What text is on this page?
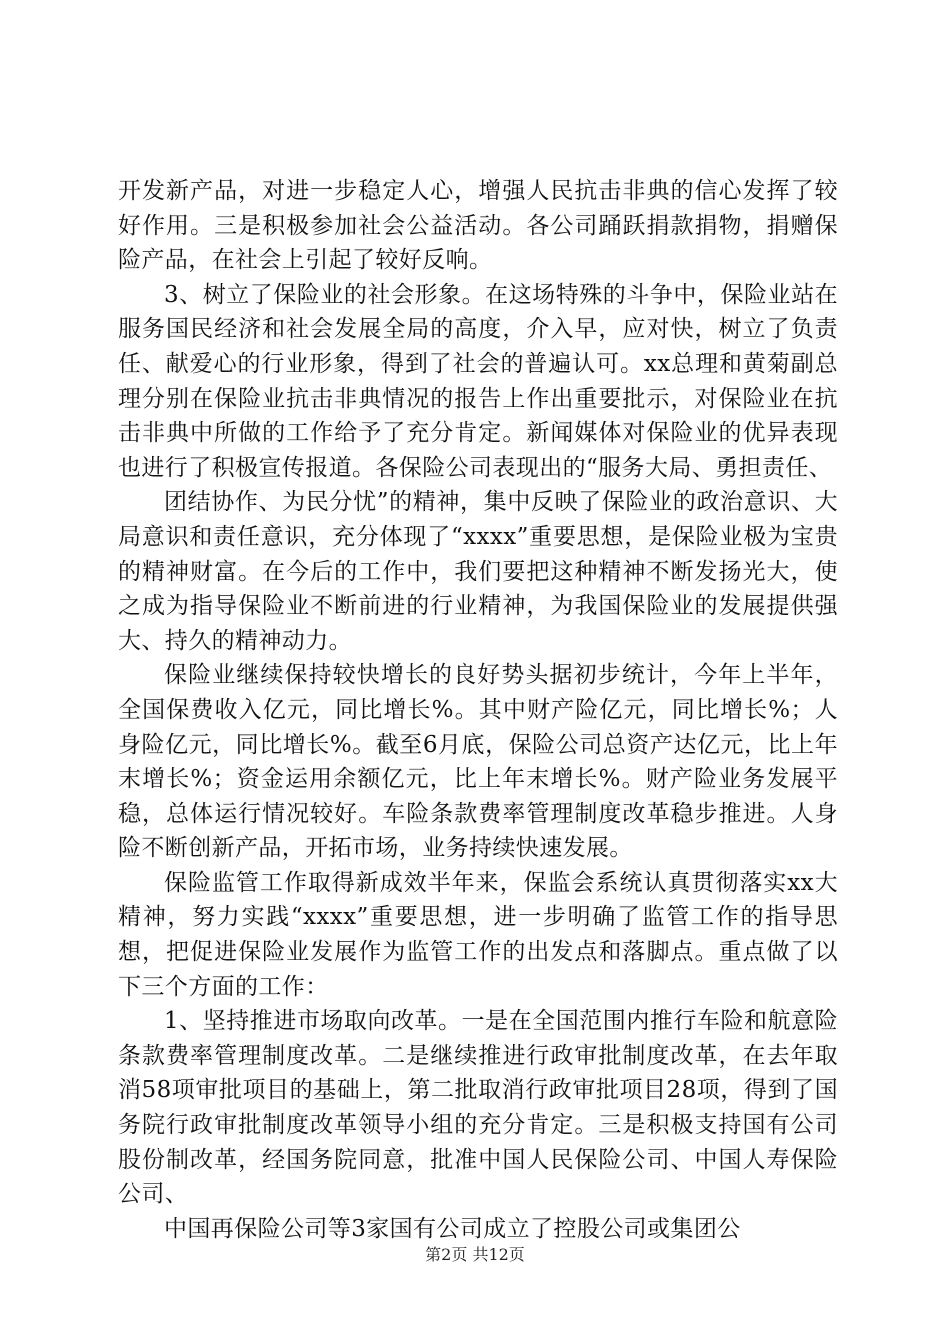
开发新产品，对进一步稳定人心，增强人民抗击非典的信心发挥了较好作用。三是积极参加社会公益活动。各公司踊跃捐款捐物，捐赠保险产品，在社会上引起了较好反响。

3、树立了保险业的社会形象。在这场特殊的斗争中，保险业站在服务国民经济和社会发展全局的高度，介入早，应对快，树立了负责任、献爱心的行业形象，得到了社会的普遍认可。xx总理和黄菊副总理分别在保险业抗击非典情况的报告上作出重要批示，对保险业在抗击非典中所做的工作给予了充分肯定。新闻媒体对保险业的优异表现也进行了积极宣传报道。各保险公司表现出的“服务大局、勇担责任、

团结协作、为民分忧”的精神，集中反映了保险业的政治意识、大局意识和责任意识，充分体现了“xxxx”重要思想，是保险业极为宝贵的精神财富。在今后的工作中，我们要把这种精神不断发扬光大，使之成为指导保险业不断前进的行业精神，为我国保险业的发展提供强大、持久的精神动力。

保险业继续保持较快增长的良好势头据初步统计，今年上半年，全国保费收入亿元，同比增长%。其中财产险亿元，同比增长%；人身险亿元，同比增长%。截至6月底，保险公司总资产达亿元，比上年末增长%；资金运用余额亿元，比上年末增长%。财产险业务发展平稳，总体运行情况较好。车险条款费率管理制度改革稳步推进。人身险不断创新产品，开拓市场，业务持续快速发展。

保险监管工作取得新成效半年来，保监会系统认真贯彻落实xx大精神，努力实践“xxxx”重要思想，进一步明确了监管工作的指导思想，把促进保险业发展作为监管工作的出发点和落脚点。重点做了以下三个方面的工作：

1、坚持推进市场取向改革。一是在全国范围内推行车险和航意险条款费率管理制度改革。二是继续推进行政审批制度改革，在去年取消58项审批项目的基础上，第二批取消行政审批项目28项，得到了国务院行政审批制度改革领导小组的充分肯定。三是积极支持国有公司股份制改革，经国务院同意，批准中国人民保险公司、中国人寿保险公司、

中国再保险公司等3家国有公司成立了控股公司或集团公

第2页 共12页
